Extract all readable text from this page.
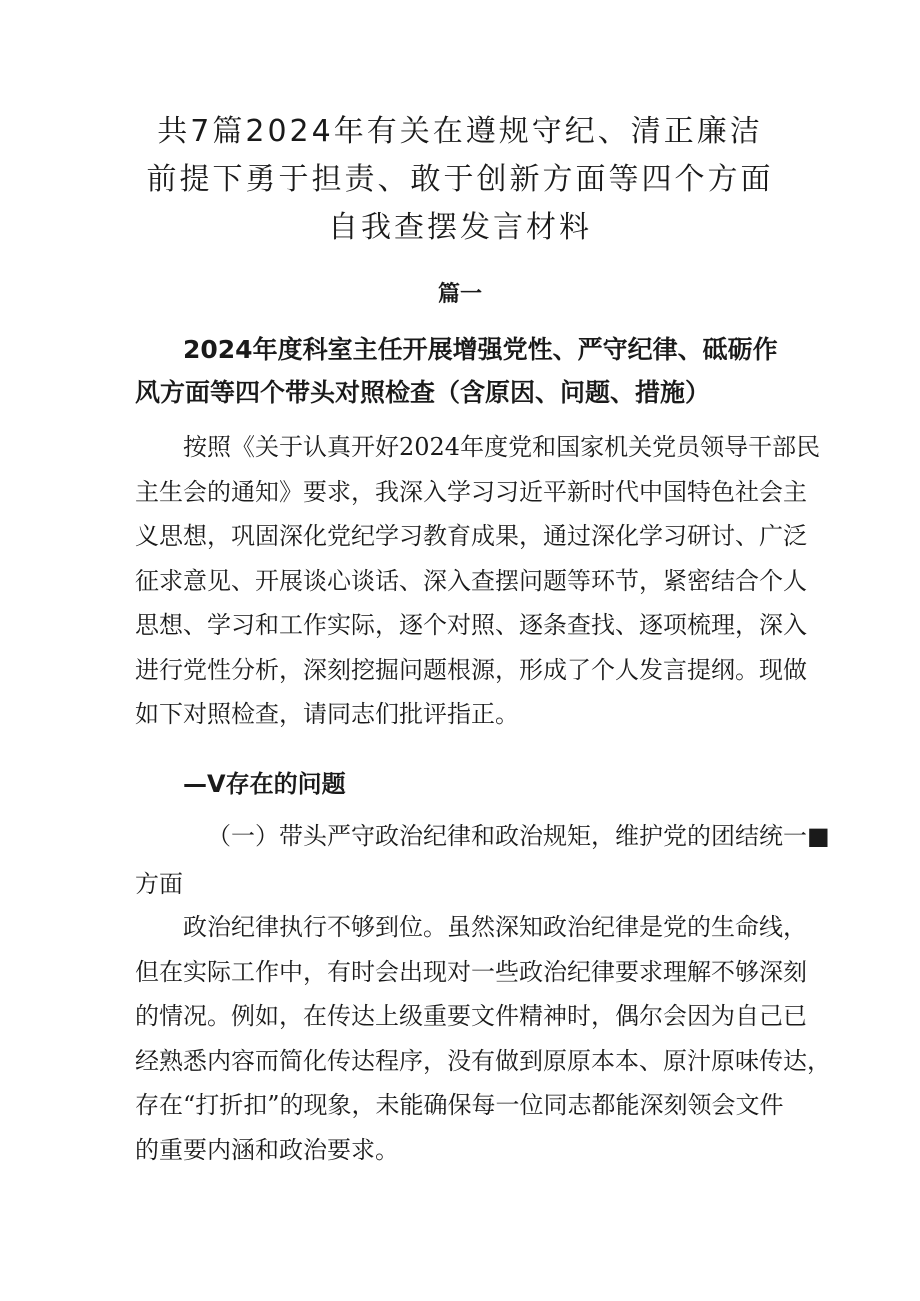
共7篇2024年有关在遵规守纪、清正廉洁
前提下勇于担责、敢于创新方面等四个方面
自我查摆发言材料
篇一
2024年度科室主任开展增强党性、严守纪律、砥砺作
风方面等四个带头对照检查（含原因、问题、措施）
按照《关于认真开好2024年度党和国家机关党员领导干部民
主生会的通知》要求，我深入学习习近平新时代中国特色社会主
义思想，巩固深化党纪学习教育成果，通过深化学习研讨、广泛
征求意见、开展谈心谈话、深入查摆问题等环节，紧密结合个人
思想、学习和工作实际，逐个对照、逐条查找、逐项梳理，深入
进行党性分析，深刻挖掘问题根源，形成了个人发言提纲。现做
如下对照检查，请同志们批评指正。
—V存在的问题
（一）带头严守政治纪律和政治规矩，维护党的团结统一■
方面
政治纪律执行不够到位。虽然深知政治纪律是党的生命线，
但在实际工作中，有时会出现对一些政治纪律要求理解不够深刻
的情况。例如，在传达上级重要文件精神时，偶尔会因为自己已
经熟悉内容而简化传达程序，没有做到原原本本、原汁原味传达，
存在“打折扣”的现象，未能确保每一位同志都能深刻领会文件
的重要内涵和政治要求。
